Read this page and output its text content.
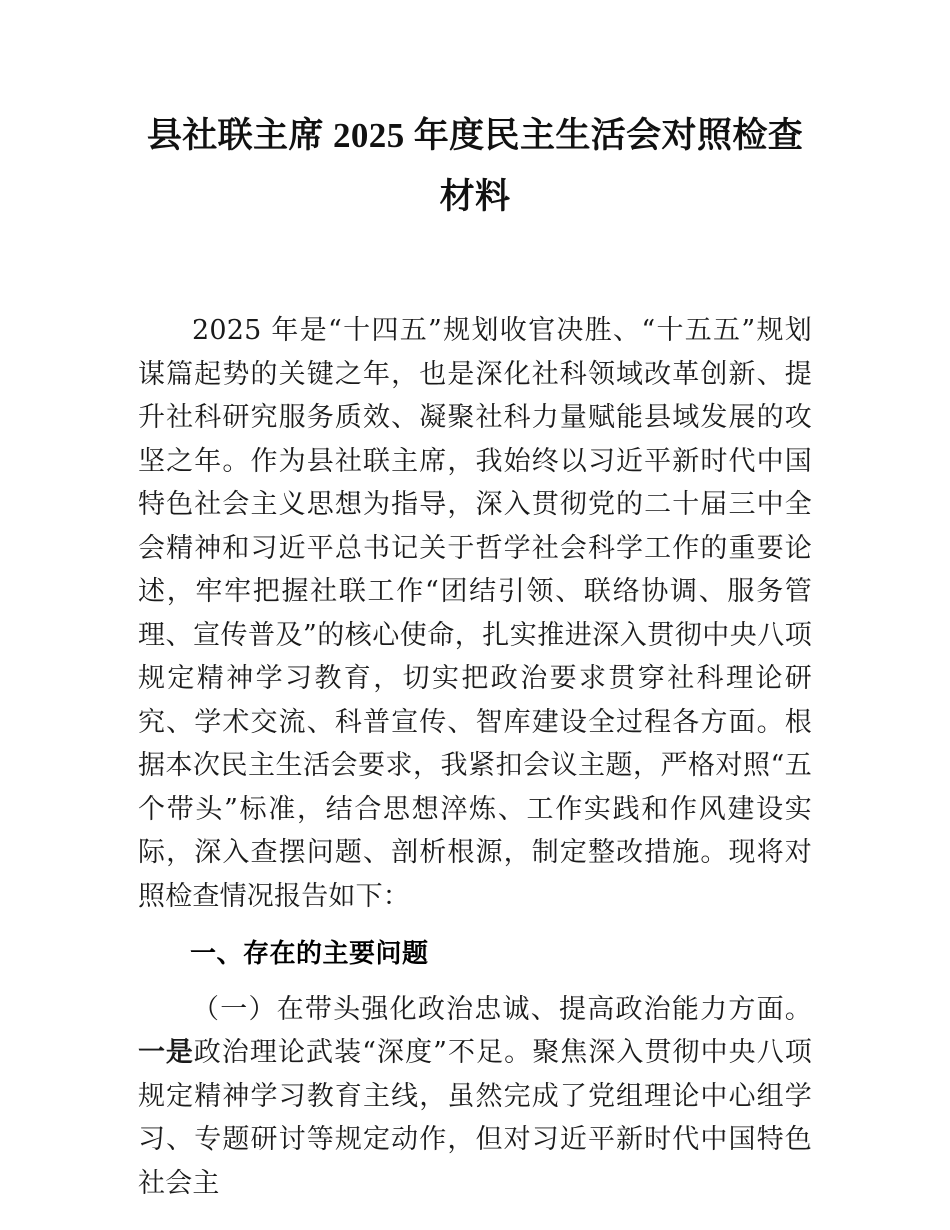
县社联主席 2025 年度民主生活会对照检查材料

2025 年是“十四五”规划收官决胜、“十五五”规划谋篇起势的关键之年，也是深化社科领域改革创新、提升社科研究服务质效、凝聚社科力量赋能县域发展的攻坚之年。作为县社联主席，我始终以习近平新时代中国特色社会主义思想为指导，深入贯彻党的二十届三中全会精神和习近平总书记关于哲学社会科学工作的重要论述，牢牢把握社联工作“团结引领、联络协调、服务管理、宣传普及”的核心使命，扎实推进深入贯彻中央八项规定精神学习教育，切实把政治要求贯穿社科理论研究、学术交流、科普宣传、智库建设全过程各方面。根据本次民主生活会要求，我紧扣会议主题，严格对照“五个带头”标准，结合思想淬炼、工作实践和作风建设实际，深入查摆问题、剖析根源，制定整改措施。现将对照检查情况报告如下：

一、存在的主要问题

（一）在带头强化政治忠诚、提高政治能力方面。一是政治理论武装“深度”不足。聚焦深入贯彻中央八项规定精神学习教育主线，虽然完成了党组理论中心组学习、专题研讨等规定动作，但对习近平新时代中国特色社会主
